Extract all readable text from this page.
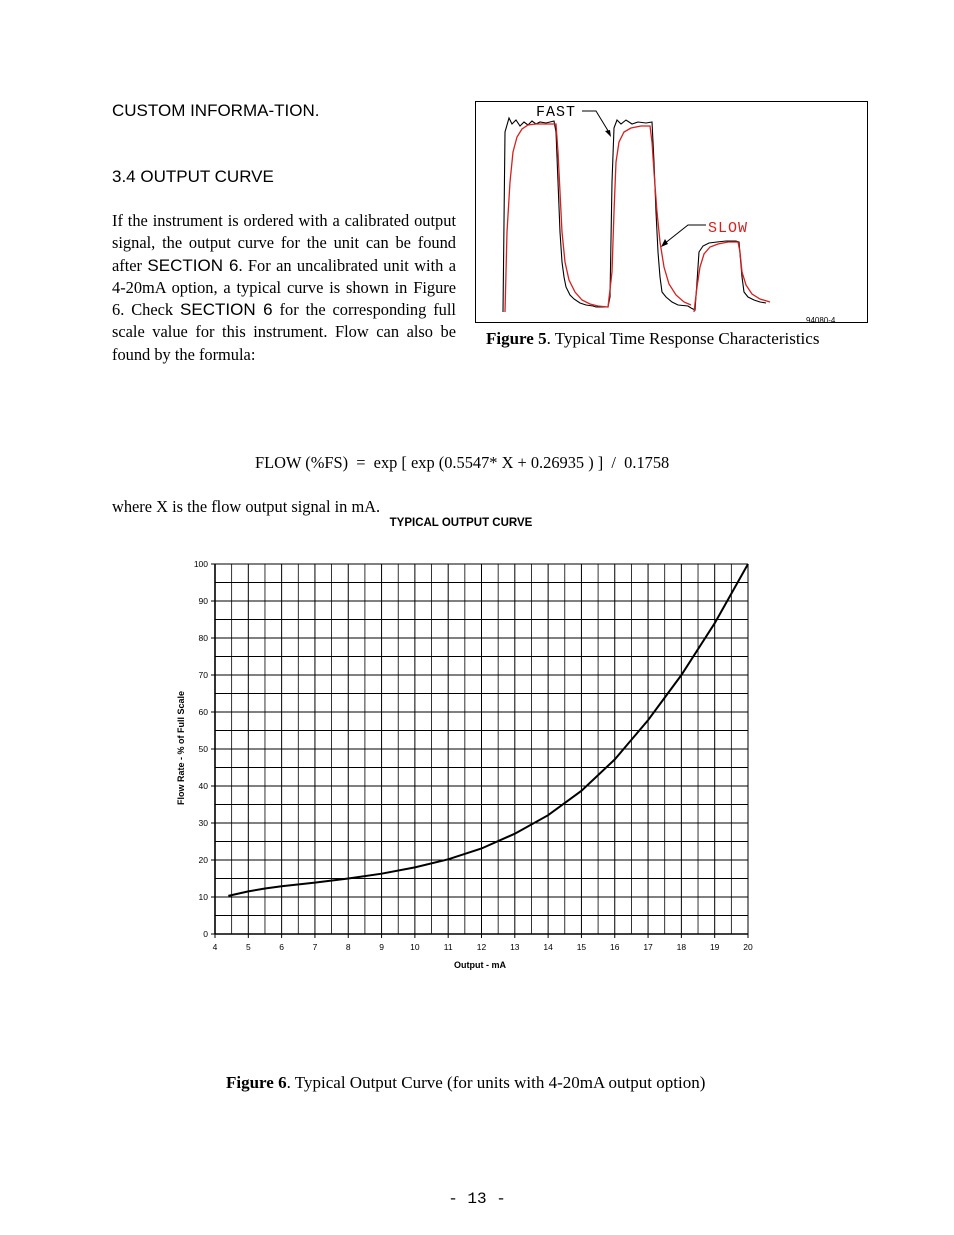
CUSTOM INFORMA-TION.
3.4 OUTPUT CURVE
If the instrument is ordered with a calibrated output signal, the output curve for the unit can be found after SECTION 6. For an uncalibrated unit with a 4-20mA option, a typical curve is shown in Figure 6. Check SECTION 6 for the corresponding full scale value for this instrument. Flow can also be found by the formula:
FAST
SLOW
94080-4
Figure 5. Typical Time Response Characteristics
FLOW (%FS)  =  exp [ exp (0.5547* X + 0.26935 ) ]  /  0.1758
where X is the flow output signal in mA.
TYPICAL OUTPUT CURVE
0
10
20
30
40
50
60
70
80
90
100
4	5	6	7	8	9	10	11	12	13	14	15	16	17	18	19	20
Output - mA
Flow Rate - % of Full Scale
Figure 6. Typical Output Curve (for units with 4-20mA output option)
- 13 -
